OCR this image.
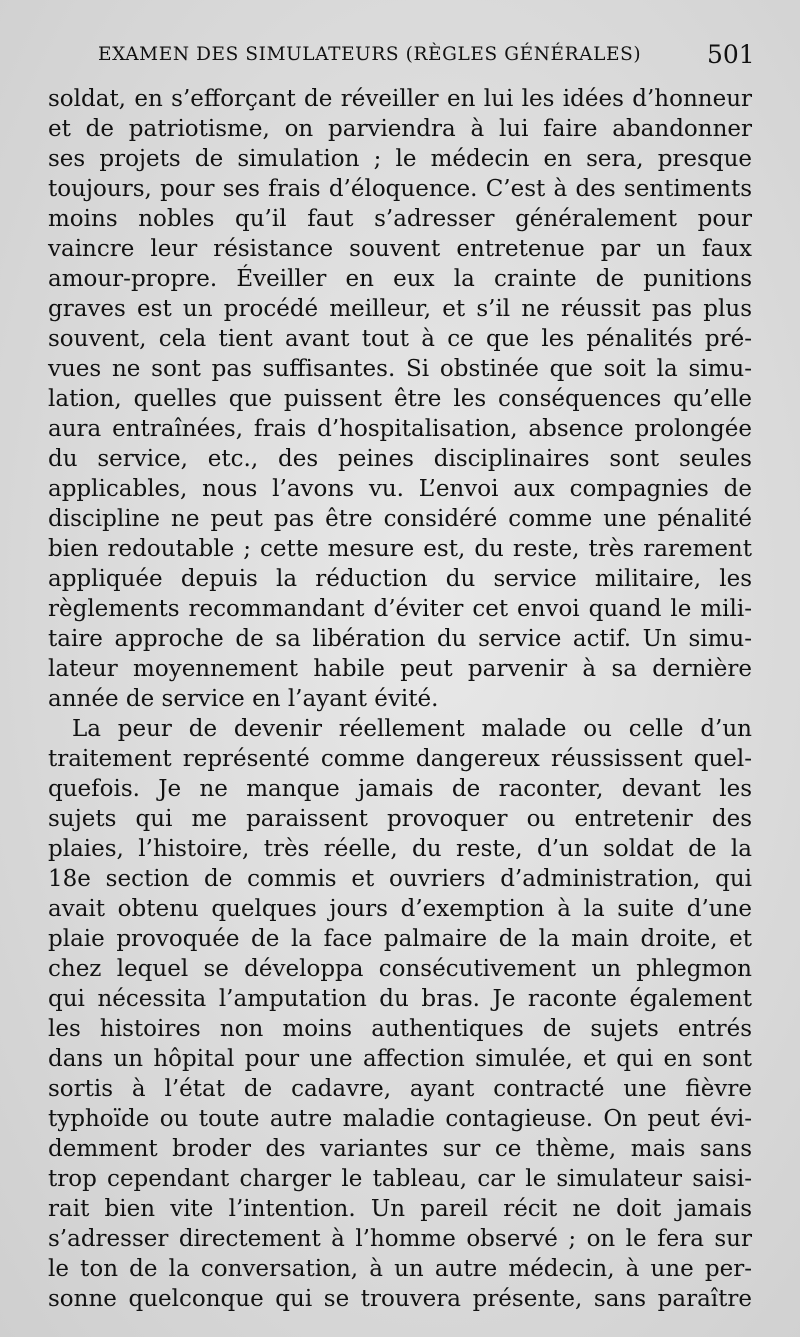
EXAMEN DES SIMULATEURS (RÈGLES GÉNÉRALES)	501
soldat, en s’efforçant de réveiller en lui les idées d’honneur
et de patriotisme, on parviendra à lui faire abandonner
ses projets de simulation ; le médecin en sera, presque
toujours, pour ses frais d’éloquence. C’est à des sentiments
moins nobles qu’il faut s’adresser généralement pour
vaincre leur résistance souvent entretenue par un faux
amour-propre. Éveiller en eux la crainte de punitions
graves est un procédé meilleur, et s’il ne réussit pas plus
souvent, cela tient avant tout à ce que les pénalités pré-
vues ne sont pas suffisantes. Si obstinée que soit la simu-
lation, quelles que puissent être les conséquences qu’elle
aura entraînées, frais d’hospitalisation, absence prolongée
du service, etc., des peines disciplinaires sont seules
applicables, nous l’avons vu. L’envoi aux compagnies de
discipline ne peut pas être considéré comme une pénalité
bien redoutable ; cette mesure est, du reste, très rarement
appliquée depuis la réduction du service militaire, les
règlements recommandant d’éviter cet envoi quand le mili-
taire approche de sa libération du service actif. Un simu-
lateur moyennement habile peut parvenir à sa dernière
année de service en l’ayant évité.
La peur de devenir réellement malade ou celle d’un
traitement représenté comme dangereux réussissent quel-
quefois. Je ne manque jamais de raconter, devant les
sujets qui me paraissent provoquer ou entretenir des
plaies, l’histoire, très réelle, du reste, d’un soldat de la
18e section de commis et ouvriers d’administration, qui
avait obtenu quelques jours d’exemption à la suite d’une
plaie provoquée de la face palmaire de la main droite, et
chez lequel se développa consécutivement un phlegmon
qui nécessita l’amputation du bras. Je raconte également
les histoires non moins authentiques de sujets entrés
dans un hôpital pour une affection simulée, et qui en sont
sortis à l’état de cadavre, ayant contracté une fièvre
typhoïde ou toute autre maladie contagieuse. On peut évi-
demment broder des variantes sur ce thème, mais sans
trop cependant charger le tableau, car le simulateur saisi-
rait bien vite l’intention. Un pareil récit ne doit jamais
s’adresser directement à l’homme observé ; on le fera sur
le ton de la conversation, à un autre médecin, à une per-
sonne quelconque qui se trouvera présente, sans paraître
